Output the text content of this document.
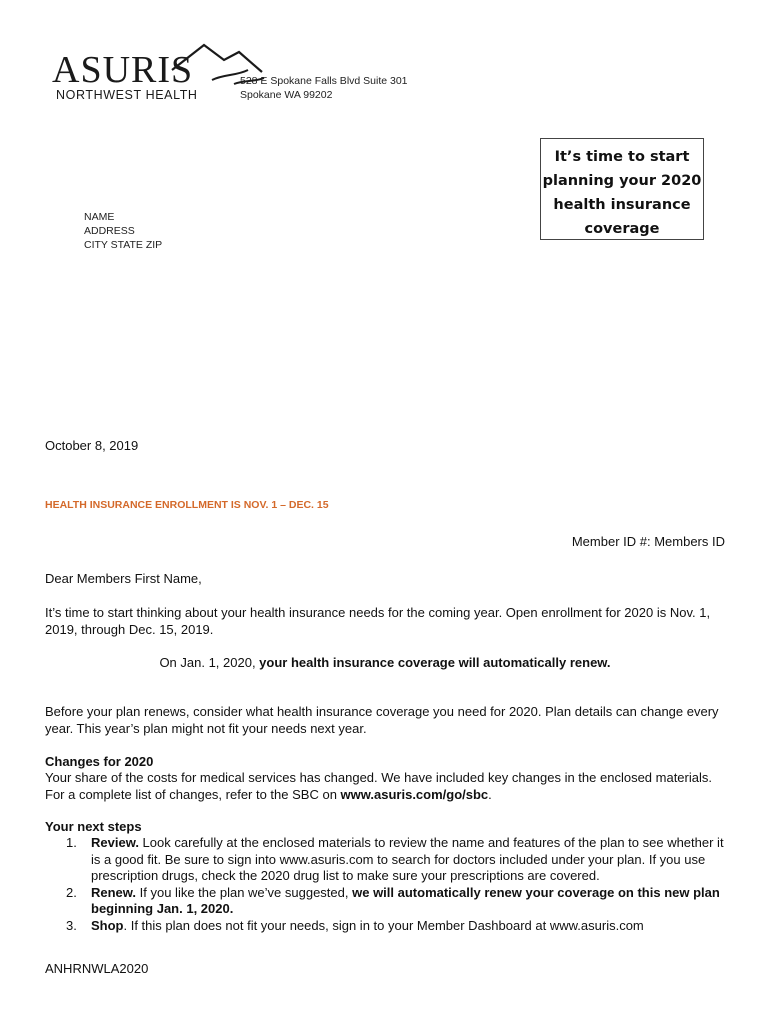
ASURIS
NORTHWEST HEALTH
528 E Spokane Falls Blvd Suite 301
Spokane WA 99202
NAME
ADDRESS
CITY STATE ZIP
It’s time to start
planning your 2020
health insurance
coverage
October 8, 2019
HEALTH INSURANCE ENROLLMENT IS NOV. 1 – DEC. 15
Member ID #: Members ID
Dear Members First Name,
It’s time to start thinking about your health insurance needs for the coming year. Open enrollment for 2020 is Nov. 1, 2019, through Dec. 15, 2019.
On Jan. 1, 2020, your health insurance coverage will automatically renew.
Before your plan renews, consider what health insurance coverage you need for 2020. Plan details can change every year. This year’s plan might not fit your needs next year.
Changes for 2020
Your share of the costs for medical services has changed. We have included key changes in the enclosed materials. For a complete list of changes, refer to the SBC on www.asuris.com/go/sbc.
Your next steps
1. Review. Look carefully at the enclosed materials to review the name and features of the plan to see whether it is a good fit. Be sure to sign into www.asuris.com to search for doctors included under your plan. If you use prescription drugs, check the 2020 drug list to make sure your prescriptions are covered.
2. Renew. If you like the plan we’ve suggested, we will automatically renew your coverage on this new plan beginning Jan. 1, 2020.
3. Shop. If this plan does not fit your needs, sign in to your Member Dashboard at www.asuris.com
ANHRNWLA2020
